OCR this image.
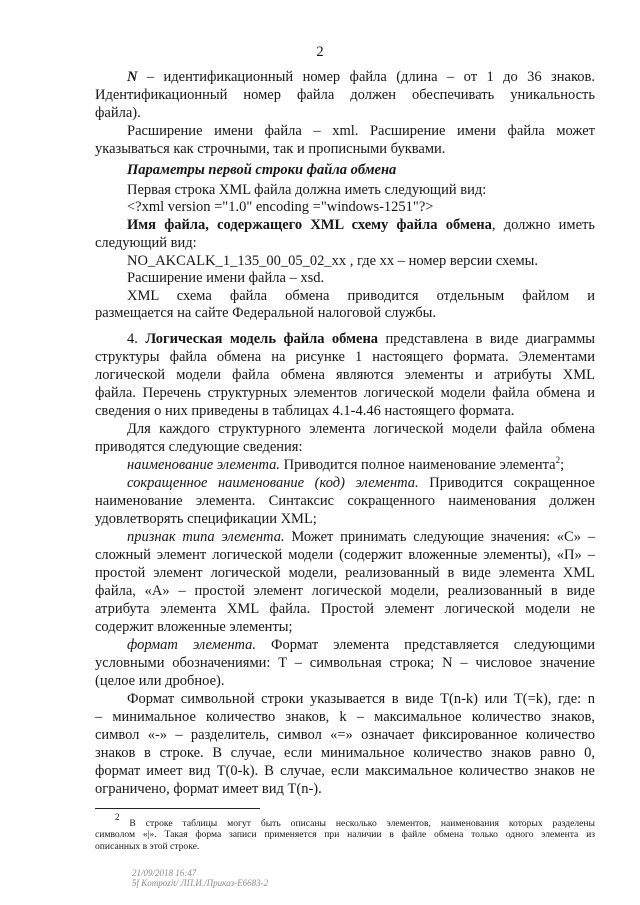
2
N – идентификационный номер файла (длина – от 1 до 36 знаков.
Идентификационный номер файла должен обеспечивать уникальность
файла).
Расширение имени файла – xml. Расширение имени файла может
указываться как строчными, так и прописными буквами.
Параметры первой строки файла обмена
Первая строка XML файла должна иметь следующий вид:
<?xml version ="1.0" encoding ="windows-1251"?>
Имя файла, содержащего XML схему файла обмена, должно иметь
следующий вид:
NO_AKCALK_1_135_00_05_02_xx , где хх – номер версии схемы.
Расширение имени файла – xsd.
XML схема файла обмена приводится отдельным файлом и
размещается на сайте Федеральной налоговой службы.
4. Логическая модель файла обмена представлена в виде диаграммы
структуры файла обмена на рисунке 1 настоящего формата. Элементами
логической модели файла обмена являются элементы и атрибуты XML
файла. Перечень структурных элементов логической модели файла обмена и
сведения о них приведены в таблицах 4.1-4.46 настоящего формата.
Для каждого структурного элемента логической модели файла обмена
приводятся следующие сведения:
наименование элемента. Приводится полное наименование элемента$^2$;
сокращенное наименование (код) элемента. Приводится сокращенное
наименование элемента. Синтаксис сокращенного наименования должен
удовлетворять спецификации XML;
признак типа элемента. Может принимать следующие значения: «С» –
сложный элемент логической модели (содержит вложенные элементы), «П» –
простой элемент логической модели, реализованный в виде элемента XML
файла, «А» – простой элемент логической модели, реализованный в виде
атрибута элемента XML файла. Простой элемент логической модели не
содержит вложенные элементы;
формат элемента. Формат элемента представляется следующими
условными обозначениями: T – символьная строка; N – числовое значение
(целое или дробное).
Формат символьной строки указывается в виде T(n-k) или T(=k), где: n
– минимальное количество знаков, k – максимальное количество знаков,
символ «-» – разделитель, символ «=» означает фиксированное количество
знаков в строке. В случае, если минимальное количество знаков равно 0,
формат имеет вид T(0-k). В случае, если максимальное количество знаков не
ограничено, формат имеет вид T(n-).
$^2$ В строке таблицы могут быть описаны несколько элементов, наименования которых разделены
символом «|». Такая форма записи применяется при наличии в файле обмена только одного элемента из
описанных в этой строке.
21/09/2018 16:47
5f Kompozit/ ЛП.И./Приказ-E6683-2
